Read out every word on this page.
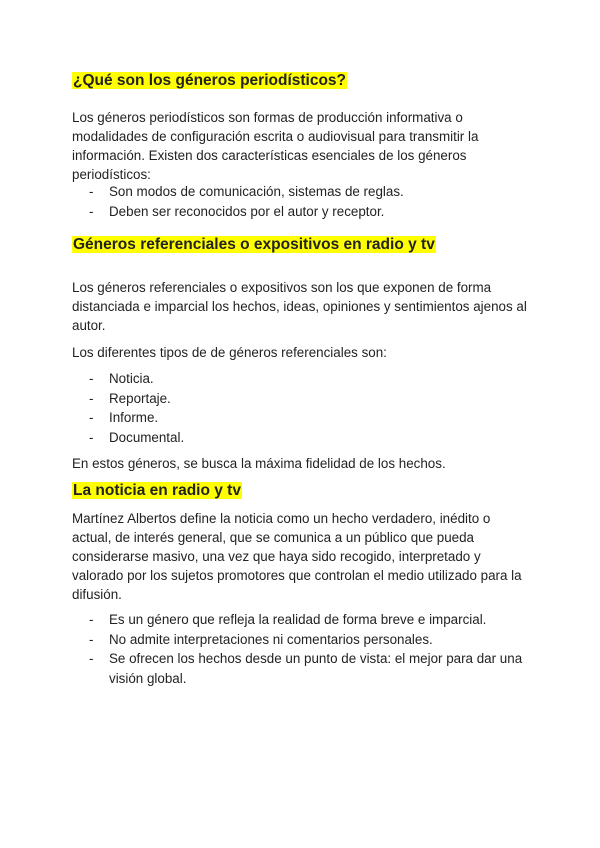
¿Qué son los géneros periodísticos?

Los géneros periodísticos son formas de producción informativa o modalidades de configuración escrita o audiovisual para transmitir la información. Existen dos características esenciales de los géneros periodísticos:

- Son modos de comunicación, sistemas de reglas.
- Deben ser reconocidos por el autor y receptor.
Géneros referenciales o expositivos en radio y tv

Los géneros referenciales o expositivos son los que exponen de forma distanciada e imparcial los hechos, ideas, opiniones y sentimientos ajenos al autor.

Los diferentes tipos de de géneros referenciales son:

- Noticia.
- Reportaje.
- Informe.
- Documental.

En estos géneros, se busca la máxima fidelidad de los hechos.

La noticia en radio y tv

Martínez Albertos define la noticia como un hecho verdadero, inédito o actual, de interés general, que se comunica a un público que pueda considerarse masivo, una vez que haya sido recogido, interpretado y valorado por los sujetos promotores que controlan el medio utilizado para la difusión.

- Es un género que refleja la realidad de forma breve e imparcial.
- No admite interpretaciones ni comentarios personales.
- Se ofrecen los hechos desde un punto de vista: el mejor para dar una visión global.
